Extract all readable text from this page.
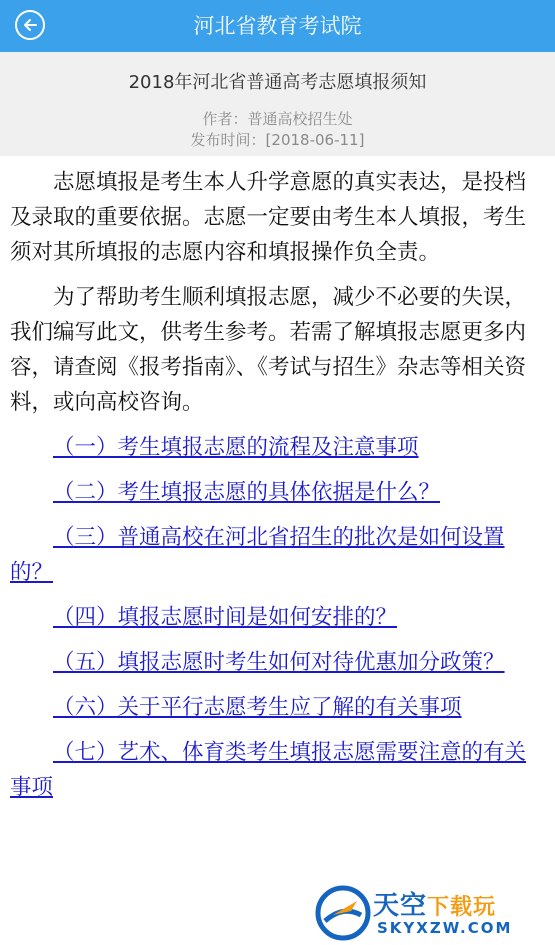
河北省教育考试院
2018年河北省普通高考志愿填报须知
作者：普通高校招生处
发布时间：[2018-06-11]

志愿填报是考生本人升学意愿的真实表达，是投档及录取的重要依据。志愿一定要由考生本人填报，考生须对其所填报的志愿内容和填报操作负全责。

为了帮助考生顺利填报志愿，减少不必要的失误，我们编写此文，供考生参考。若需了解填报志愿更多内容，请查阅《报考指南》、《考试与招生》杂志等相关资料，或向高校咨询。

（一）考生填报志愿的流程及注意事项
（二）考生填报志愿的具体依据是什么？
（三）普通高校在河北省招生的批次是如何设置的？
（四）填报志愿时间是如何安排的？
（五）填报志愿时考生如何对待优惠加分政策？
（六）关于平行志愿考生应了解的有关事项
（七）艺术、体育类考生填报志愿需要注意的有关事项
天空下载玩
SKYXZW.COM
